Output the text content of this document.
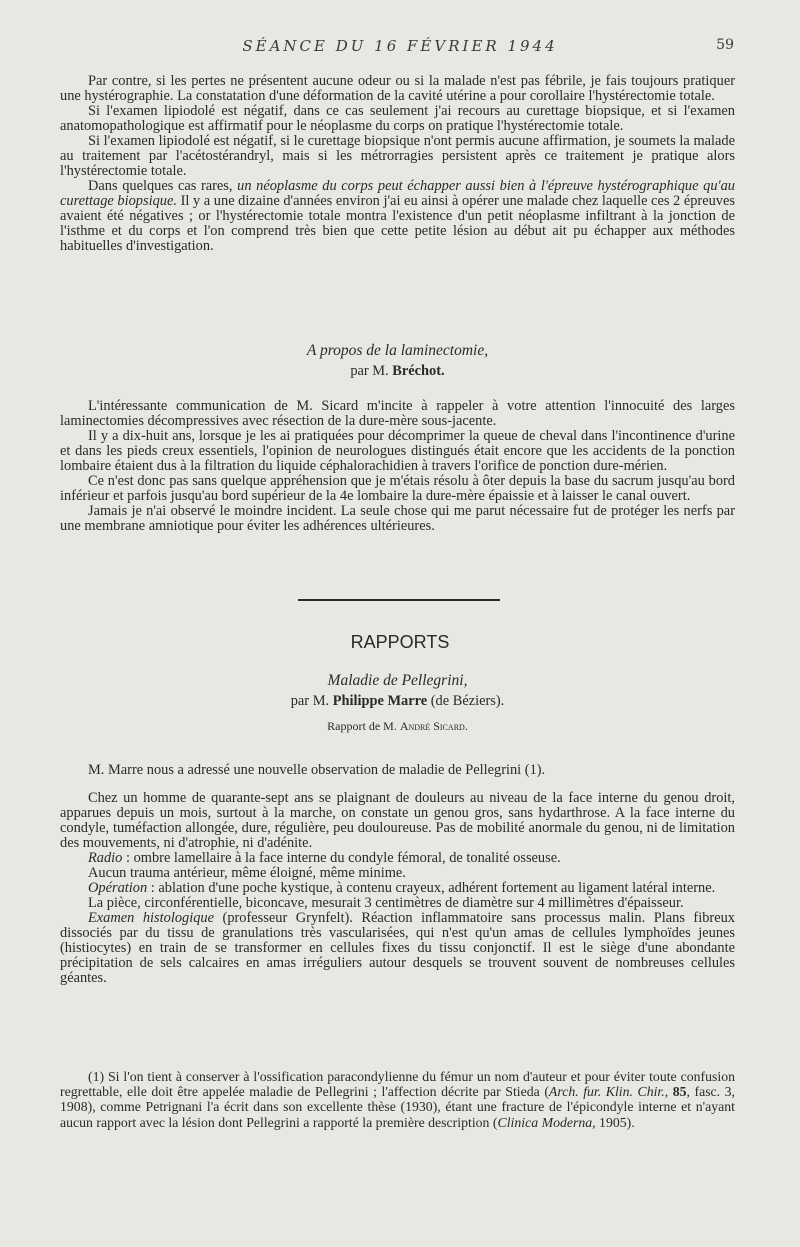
SÉANCE DU 16 FÉVRIER 1944	59

Par contre, si les pertes ne présentent aucune odeur ou si la malade n'est pas fébrile, je fais toujours pratiquer une hystérographie. La constatation d'une déformation de la cavité utérine a pour corollaire l'hystérectomie totale.

Si l'examen lipiodolé est négatif, dans ce cas seulement j'ai recours au curettage biopsique, et si l'examen anatomopathologique est affirmatif pour le néoplasme du corps on pratique l'hystérectomie totale.

Si l'examen lipiodolé est négatif, si le curettage biopsique n'ont permis aucune affirmation, je soumets la malade au traitement par l'acétostérandryl, mais si les métrorragies persistent après ce traitement je pratique alors l'hystérectomie totale.

Dans quelques cas rares, un néoplasme du corps peut échapper aussi bien à l'épreuve hystérographique qu'au curettage biopsique. Il y a une dizaine d'années environ j'ai eu ainsi à opérer une malade chez laquelle ces 2 épreuves avaient été négatives ; or l'hystérectomie totale montra l'existence d'un petit néoplasme infiltrant à la jonction de l'isthme et du corps et l'on comprend très bien que cette petite lésion au début ait pu échapper aux méthodes habituelles d'investigation.

A propos de la laminectomie,

par M. Bréchot.

L'intéressante communication de M. Sicard m'incite à rappeler à votre attention l'innocuité des larges laminectomies décompressives avec résection de la dure-mère sous-jacente.

Il y a dix-huit ans, lorsque je les ai pratiquées pour décomprimer la queue de cheval dans l'incontinence d'urine et dans les pieds creux essentiels, l'opinion de neurologues distingués était encore que les accidents de la ponction lombaire étaient dus à la filtration du liquide céphalorachidien à travers l'orifice de ponction dure-mérien.

Ce n'est donc pas sans quelque appréhension que je m'étais résolu à ôter depuis la base du sacrum jusqu'au bord inférieur et parfois jusqu'au bord supérieur de la 4e lombaire la dure-mère épaissie et à laisser le canal ouvert.

Jamais je n'ai observé le moindre incident. La seule chose qui me parut nécessaire fut de protéger les nerfs par une membrane amniotique pour éviter les adhérences ultérieures.

RAPPORTS

Maladie de Pellegrini,

par M. Philippe Marre (de Béziers).

Rapport de M. André Sicard.

M. Marre nous a adressé une nouvelle observation de maladie de Pellegrini (1).

Chez un homme de quarante-sept ans se plaignant de douleurs au niveau de la face interne du genou droit, apparues depuis un mois, surtout à la marche, on constate un genou gros, sans hydarthrose. A la face interne du condyle, tuméfaction allongée, dure, régulière, peu douloureuse. Pas de mobilité anormale du genou, ni de limitation des mouvements, ni d'atrophie, ni d'adénite.

Radio : ombre lamellaire à la face interne du condyle fémoral, de tonalité osseuse.

Aucun trauma antérieur, même éloigné, même minime.

Opération : ablation d'une poche kystique, à contenu crayeux, adhérent fortement au ligament latéral interne.

La pièce, circonférentielle, biconcave, mesurait 3 centimètres de diamètre sur 4 millimètres d'épaisseur.

Examen histologique (professeur Grynfelt). Réaction inflammatoire sans processus malin. Plans fibreux dissociés par du tissu de granulations très vascularisées, qui n'est qu'un amas de cellules lymphoïdes jeunes (histiocytes) en train de se transformer en cellules fixes du tissu conjonctif. Il est le siège d'une abondante précipitation de sels calcaires en amas irréguliers autour desquels se trouvent souvent de nombreuses cellules géantes.

(1) Si l'on tient à conserver à l'ossification paracondylienne du fémur un nom d'auteur et pour éviter toute confusion regrettable, elle doit être appelée maladie de Pellegrini ; l'affection décrite par Stieda (Arch. fur. Klin. Chir., 85, fasc. 3, 1908), comme Petrignani l'a écrit dans son excellente thèse (1930), étant une fracture de l'épicondyle interne et n'ayant aucun rapport avec la lésion dont Pellegrini a rapporté la première description (Clinica Moderna, 1905).
